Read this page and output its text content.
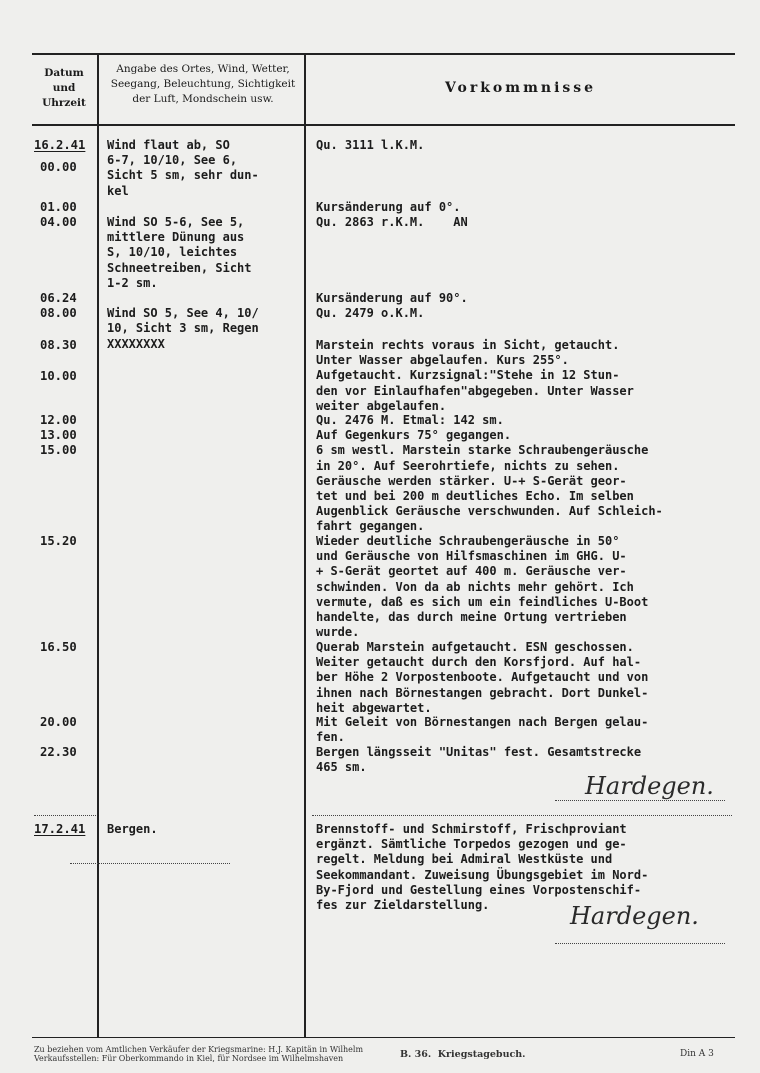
Datum
und
Uhrzeit
Angabe des Ortes, Wind, Wetter,
Seegang, Beleuchtung, Sichtigkeit
der Luft, Mondschein usw.
Vorkommnisse
16.2.41
00.00
01.00
04.00
06.24
08.00
08.30
10.00
12.00
13.00
15.00
15.20
16.50
20.00
22.30
17.2.41
Wind flaut ab, SO
6-7, 10/10, See 6,
Sicht 5 sm, sehr dun-
kel
Wind SO 5-6, See 5,
mittlere Dünung aus
S, 10/10, leichtes
Schneetreiben, Sicht
1-2 sm.

Wind SO 5, See 4, 10/
10, Sicht 3 sm, Regen
XXXXXXXX
Bergen.
Qu. 3111 l.K.M.
Kursänderung auf 0°.
Qu. 2863 r.K.M.    AN
Kursänderung auf 90°.
Qu. 2479 o.K.M.
Marstein rechts voraus in Sicht, getaucht.
Unter Wasser abgelaufen. Kurs 255°.
Aufgetaucht. Kurzsignal:"Stehe in 12 Stun-
den vor Einlaufhafen"abgegeben. Unter Wasser
weiter abgelaufen.
Qu. 2476 M. Etmal: 142 sm.
Auf Gegenkurs 75° gegangen.
6 sm westl. Marstein starke Schraubengeräusche
in 20°. Auf Seerohrtiefe, nichts zu sehen.
Geräusche werden stärker. U-+ S-Gerät geor-
tet und bei 200 m deutliches Echo. Im selben
Augenblick Geräusche verschwunden. Auf Schleich-
fahrt gegangen.
Wieder deutliche Schraubengeräusche in 50°
und Geräusche von Hilfsmaschinen im GHG. U-
+ S-Gerät geortet auf 400 m. Geräusche ver-
schwinden. Von da ab nichts mehr gehört. Ich
vermute, daß es sich um ein feindliches U-Boot
handelte, das durch meine Ortung vertrieben
wurde.
Querab Marstein aufgetaucht. ESN geschossen.
Weiter getaucht durch den Korsfjord. Auf hal-
ber Höhe 2 Vorpostenboote. Aufgetaucht und von
ihnen nach Börnestangen gebracht. Dort Dunkel-
heit abgewartet.
Mit Geleit von Börnestangen nach Bergen gelau-
fen.
Bergen längsseit "Unitas" fest. Gesamtstrecke
465 sm.
Brennstoff- und Schmirstoff, Frischproviant
ergänzt. Sämtliche Torpedos gezogen und ge-
regelt. Meldung bei Admiral Westküste und
Seekommandant. Zuweisung Übungsgebiet im Nord-
By-Fjord und Gestellung eines Vorpostenschif-
fes zur Zieldarstellung.
Hardegen.
Hardegen.
Zu beziehen vom Amtlichen Verkäufer der Kriegsmarine: H.J. Kapitän in Wilhelm
Verkaufsstellen: Für Oberkommando in Kiel, für Nordsee im Wilhelmshaven	B. 36.  Kriegstagebuch.	Din A 3
